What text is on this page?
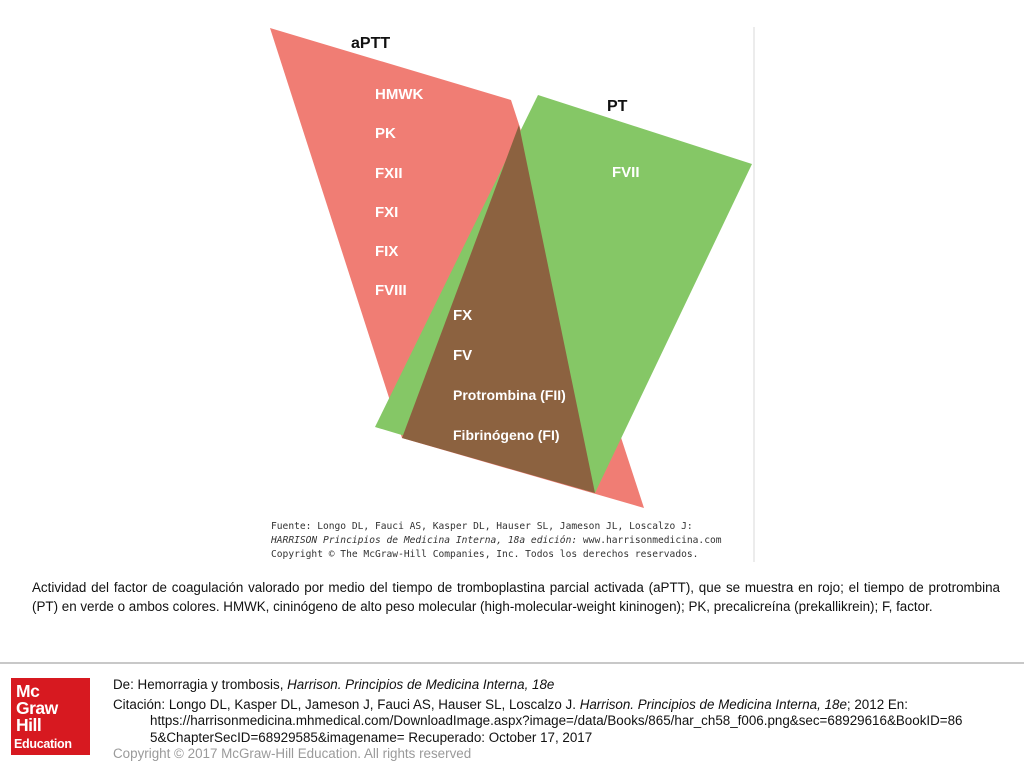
aPTT
PT
HMWK
PK
FXII
FXI
FIX
FVIII
FVII
FX
FV
Protrombina (FII)
Fibrinógeno (FI)
Fuente: Longo DL, Fauci AS, Kasper DL, Hauser SL, Jameson JL, Loscalzo J:
HARRISON Principios de Medicina Interna, 18a edición: www.harrisonmedicina.com
Copyright © The McGraw-Hill Companies, Inc. Todos los derechos reservados.

Actividad del factor de coagulación valorado por medio del tiempo de tromboplastina parcial activada (aPTT), que se muestra en rojo; el tiempo de protrombina (PT) en verde o ambos colores. HMWK, cininógeno de alto peso molecular (high-molecular-weight kininogen); PK, precalicreína (prekallikrein); F, factor.

Mc
Graw
Hill
Education
De: Hemorragia y trombosis, Harrison. Principios de Medicina Interna, 18e
Citación: Longo DL, Kasper DL, Jameson J, Fauci AS, Hauser SL, Loscalzo J. Harrison. Principios de Medicina Interna, 18e; 2012 En:
https://harrisonmedicina.mhmedical.com/DownloadImage.aspx?image=/data/Books/865/har_ch58_f006.png&sec=68929616&BookID=86
5&ChapterSecID=68929585&imagename= Recuperado: October 17, 2017
Copyright © 2017 McGraw-Hill Education. All rights reserved
